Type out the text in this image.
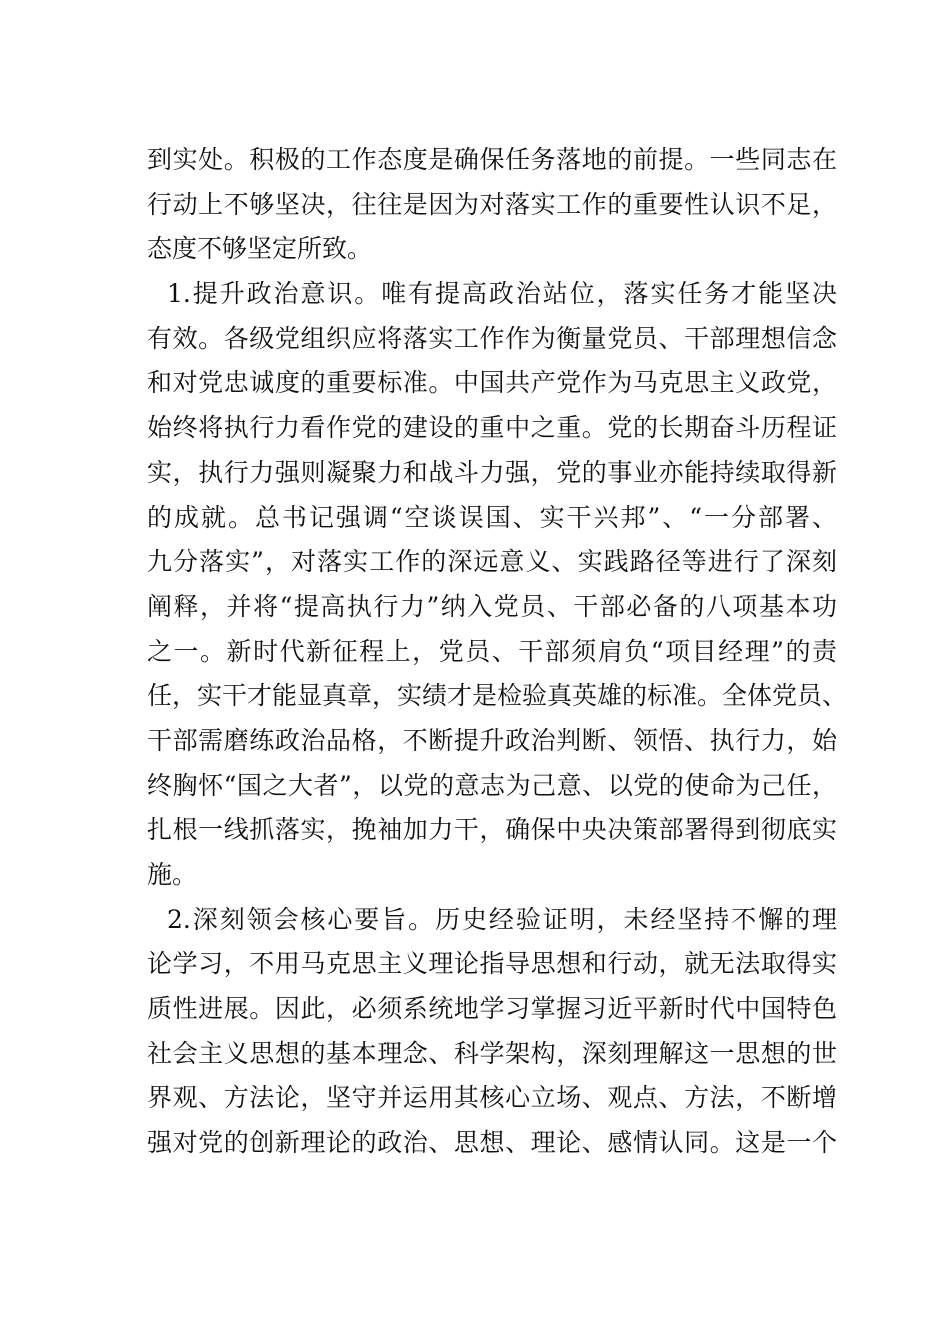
到实处。积极的工作态度是确保任务落地的前提。一些同志在
行动上不够坚决，往往是因为对落实工作的重要性认识不足，
态度不够坚定所致。
1.提升政治意识。唯有提高政治站位，落实任务才能坚决
有效。各级党组织应将落实工作作为衡量党员、干部理想信念
和对党忠诚度的重要标准。中国共产党作为马克思主义政党，
始终将执行力看作党的建设的重中之重。党的长期奋斗历程证
实，执行力强则凝聚力和战斗力强，党的事业亦能持续取得新
的成就。总书记强调“空谈误国、实干兴邦”、“一分部署、
九分落实”，对落实工作的深远意义、实践路径等进行了深刻
阐释，并将“提高执行力”纳入党员、干部必备的八项基本功
之一。新时代新征程上，党员、干部须肩负“项目经理”的责
任，实干才能显真章，实绩才是检验真英雄的标准。全体党员、
干部需磨练政治品格，不断提升政治判断、领悟、执行力，始
终胸怀“国之大者”，以党的意志为己意、以党的使命为己任，
扎根一线抓落实，挽袖加力干，确保中央决策部署得到彻底实
施。
2.深刻领会核心要旨。历史经验证明，未经坚持不懈的理
论学习，不用马克思主义理论指导思想和行动，就无法取得实
质性进展。因此，必须系统地学习掌握习近平新时代中国特色
社会主义思想的基本理念、科学架构，深刻理解这一思想的世
界观、方法论，坚守并运用其核心立场、观点、方法，不断增
强对党的创新理论的政治、思想、理论、感情认同。这是一个
